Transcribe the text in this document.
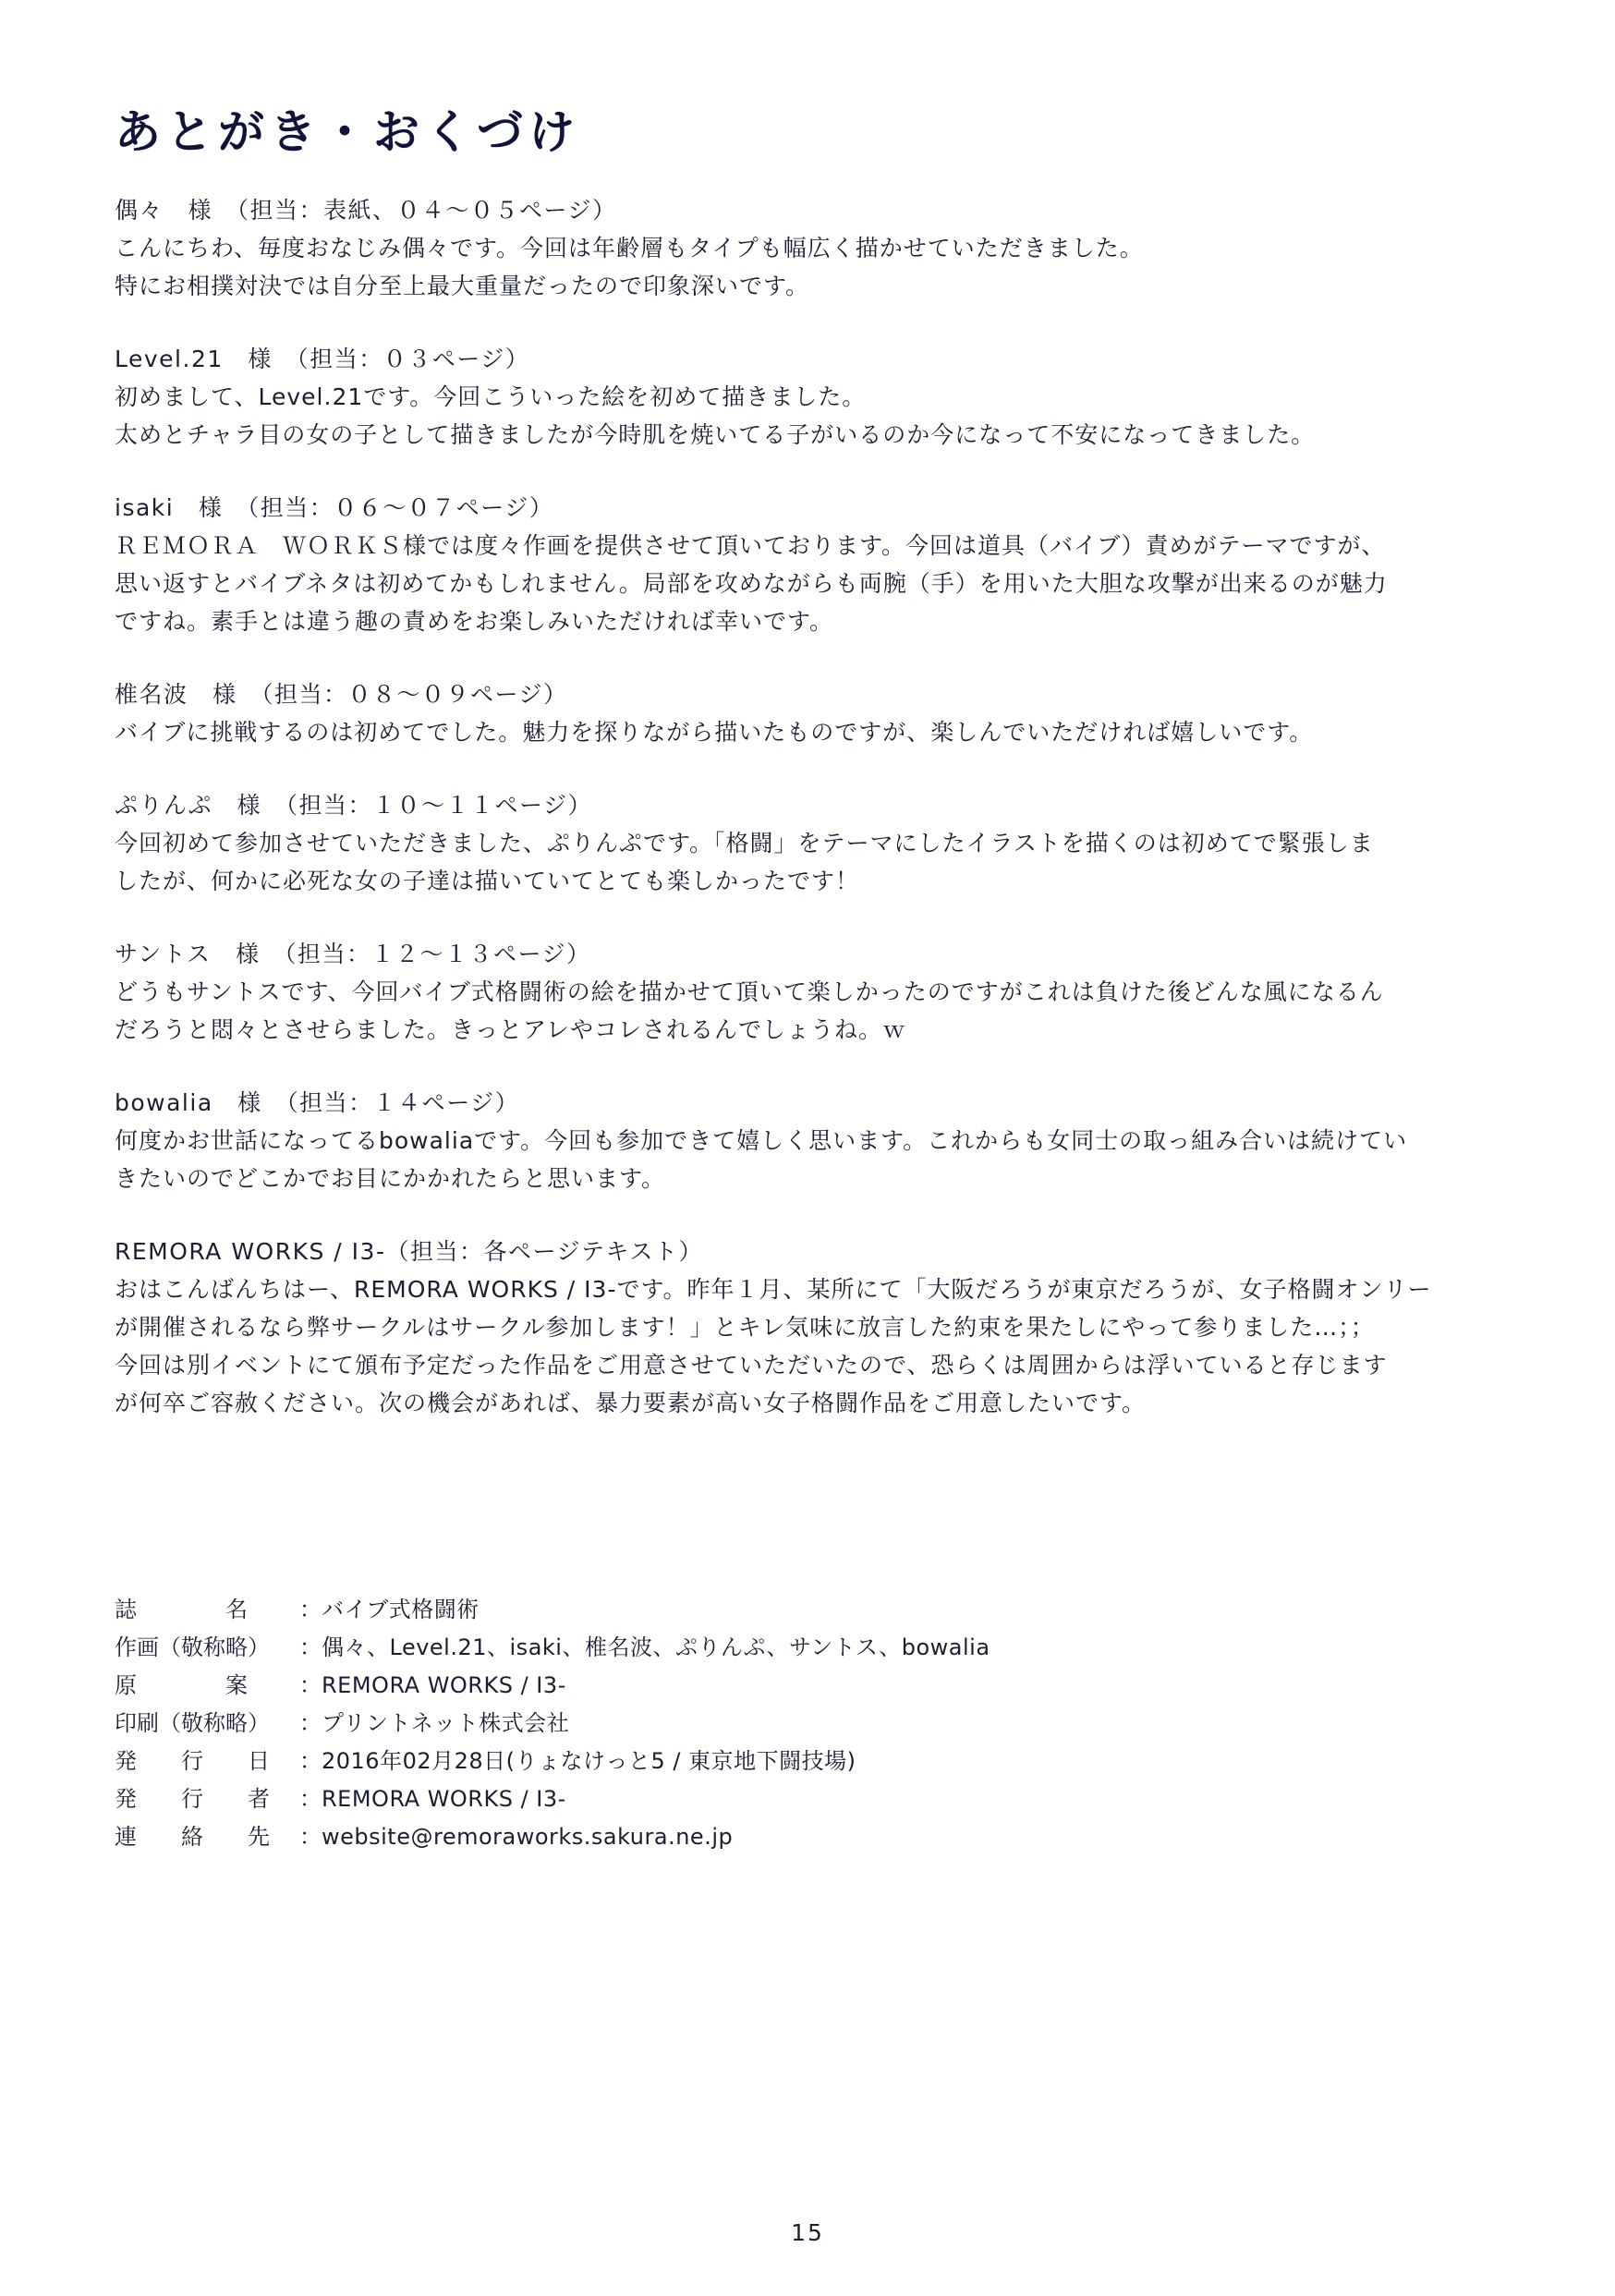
あとがき・おくづけ

偶々　様　（担当：表紙、０４～０５ページ）

こんにちわ、毎度おなじみ偶々です。今回は年齢層もタイプも幅広く描かせていただきました。

特にお相撲対決では自分至上最大重量だったので印象深いです。

Level.21　様　（担当：０３ページ）

初めまして、Level.21です。今回こういった絵を初めて描きました。

太めとチャラ目の女の子として描きましたが今時肌を焼いてる子がいるのか今になって不安になってきました。

isaki　様　（担当：０６～０７ページ）

ＲＥＭＯＲＡ　ＷＯＲＫＳ様では度々作画を提供させて頂いております。今回は道具（バイブ）責めがテーマですが、

思い返すとバイブネタは初めてかもしれません。局部を攻めながらも両腕（手）を用いた大胆な攻撃が出来るのが魅力

ですね。素手とは違う趣の責めをお楽しみいただければ幸いです。

椎名波　様　（担当：０８～０９ページ）

バイブに挑戦するのは初めてでした。魅力を探りながら描いたものですが、楽しんでいただければ嬉しいです。

ぷりんぷ　様　（担当：１０～１１ページ）

今回初めて参加させていただきました、ぷりんぷです。「格闘」をテーマにしたイラストを描くのは初めてで緊張しま

したが、何かに必死な女の子達は描いていてとても楽しかったです！

サントス　様　（担当：１２～１３ページ）

どうもサントスです、今回バイブ式格闘術の絵を描かせて頂いて楽しかったのですがこれは負けた後どんな風になるん

だろうと悶々とさせらました。きっとアレやコレされるんでしょうね。ｗ

bowalia　様　（担当：１４ページ）

何度かお世話になってるbowaliaです。今回も参加できて嬉しく思います。これからも女同士の取っ組み合いは続けてい

きたいのでどこかでお目にかかれたらと思います。

REMORA WORKS / I3-（担当：各ページテキスト）

おはこんばんちはー、REMORA WORKS / I3-です。昨年１月、某所にて「大阪だろうが東京だろうが、女子格闘オンリー

が開催されるなら弊サークルはサークル参加します！」とキレ気味に放言した約束を果たしにやって参りました…；；

今回は別イベントにて頒布予定だった作品をご用意させていただいたので、恐らくは周囲からは浮いていると存じます

が何卒ご容赦ください。次の機会があれば、暴力要素が高い女子格闘作品をご用意したいです。

誌　　　　名	： バイブ式格闘術
作画（敬称略）	： 偶々、Level.21、isaki、椎名波、ぷりんぷ、サントス、bowalia
原　　　　案	： REMORA WORKS / I3-
印刷（敬称略）	： プリントネット株式会社
発　　行　　日	： 2016年02月28日(りょなけっと5 / 東京地下闘技場)
発　　行　　者	： REMORA WORKS / I3-
連　　絡　　先	： website@remoraworks.sakura.ne.jp
15
